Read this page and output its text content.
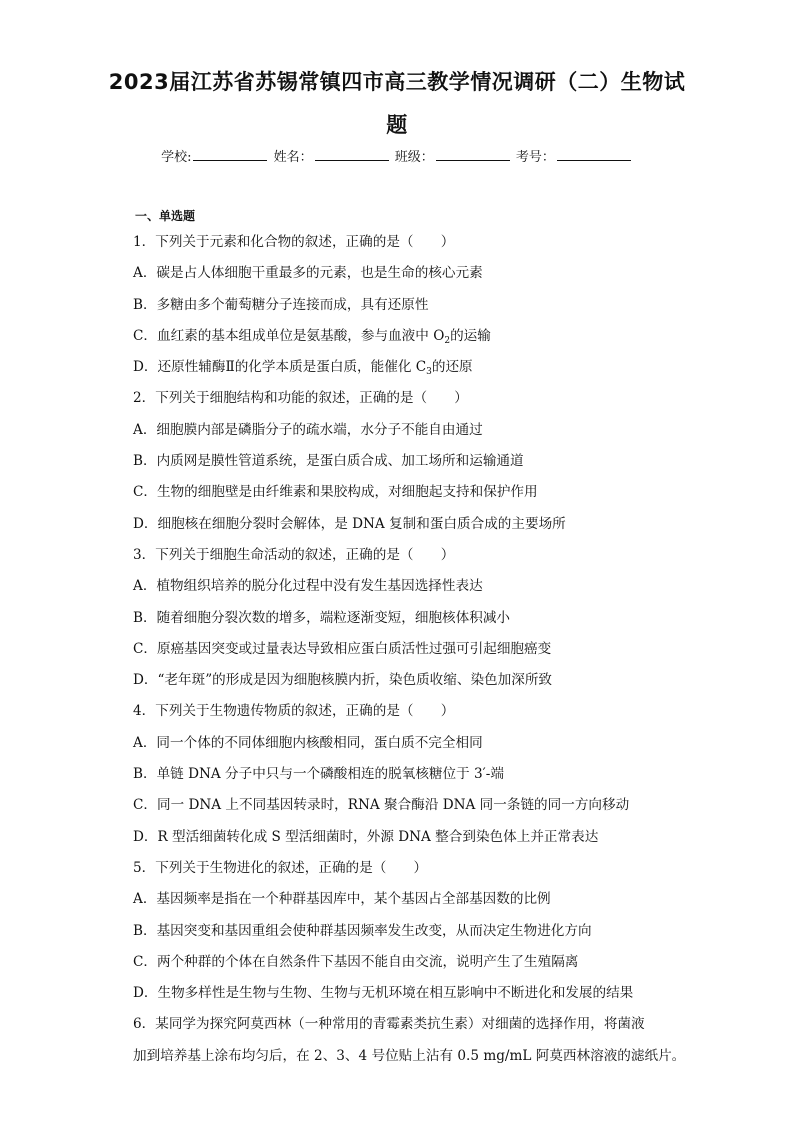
2023届江苏省苏锡常镇四市高三教学情况调研（二）生物试
题
学校:	姓名：	班级：	考号：
一、单选题
1．下列关于元素和化合物的叙述，正确的是（　　）
A．碳是占人体细胞干重最多的元素，也是生命的核心元素
B．多糖由多个葡萄糖分子连接而成，具有还原性
C．血红素的基本组成单位是氨基酸，参与血液中 $O_2$的运输
D．还原性辅酶Ⅱ的化学本质是蛋白质，能催化 $C_3$的还原
2．下列关于细胞结构和功能的叙述，正确的是（　　）
A．细胞膜内部是磷脂分子的疏水端，水分子不能自由通过
B．内质网是膜性管道系统，是蛋白质合成、加工场所和运输通道
C．生物的细胞壁是由纤维素和果胶构成，对细胞起支持和保护作用
D．细胞核在细胞分裂时会解体，是 DNA 复制和蛋白质合成的主要场所
3．下列关于细胞生命活动的叙述，正确的是（　　）
A．植物组织培养的脱分化过程中没有发生基因选择性表达
B．随着细胞分裂次数的增多，端粒逐渐变短，细胞核体积减小
C．原癌基因突变或过量表达导致相应蛋白质活性过强可引起细胞癌变
D．“老年斑”的形成是因为细胞核膜内折，染色质收缩、染色加深所致
4．下列关于生物遗传物质的叙述，正确的是（　　）
A．同一个体的不同体细胞内核酸相同，蛋白质不完全相同
B．单链 DNA 分子中只与一个磷酸相连的脱氧核糖位于 3′-端
C．同一 DNA 上不同基因转录时，RNA 聚合酶沿 DNA 同一条链的同一方向移动
D．R 型活细菌转化成 S 型活细菌时，外源 DNA 整合到染色体上并正常表达
5．下列关于生物进化的叙述，正确的是（　　）
A．基因频率是指在一个种群基因库中，某个基因占全部基因数的比例
B．基因突变和基因重组会使种群基因频率发生改变，从而决定生物进化方向
C．两个种群的个体在自然条件下基因不能自由交流，说明产生了生殖隔离
D．生物多样性是生物与生物、生物与无机环境在相互影响中不断进化和发展的结果
6．某同学为探究阿莫西林（一种常用的青霉素类抗生素）对细菌的选择作用，将菌液
加到培养基上涂布均匀后，在 2、3、4 号位贴上沾有 0.5 mg/mL 阿莫西林溶液的滤纸片。
